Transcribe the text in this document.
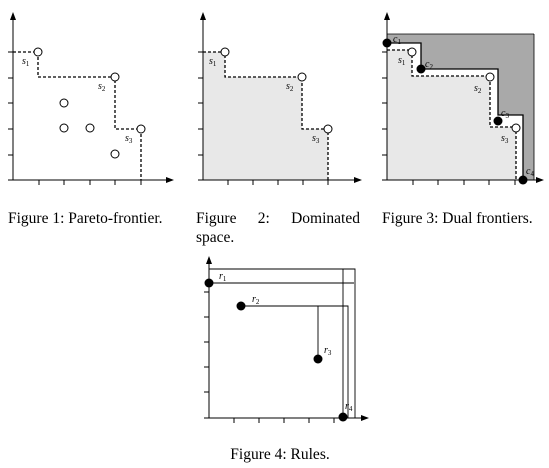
$s_1$
$s_2$
$s_3$
Figure 1: Pareto-frontier.
$s_1$
$s_2$
$s_3$
Figure 2: Dominated space.
$c_1$
$c_2$
$c_3$
$c_4$
$s_1$
$s_2$
$s_3$
Figure 3: Dual frontiers.
$r_1$
$r_2$
$r_3$
$r_4$
Figure 4: Rules.
